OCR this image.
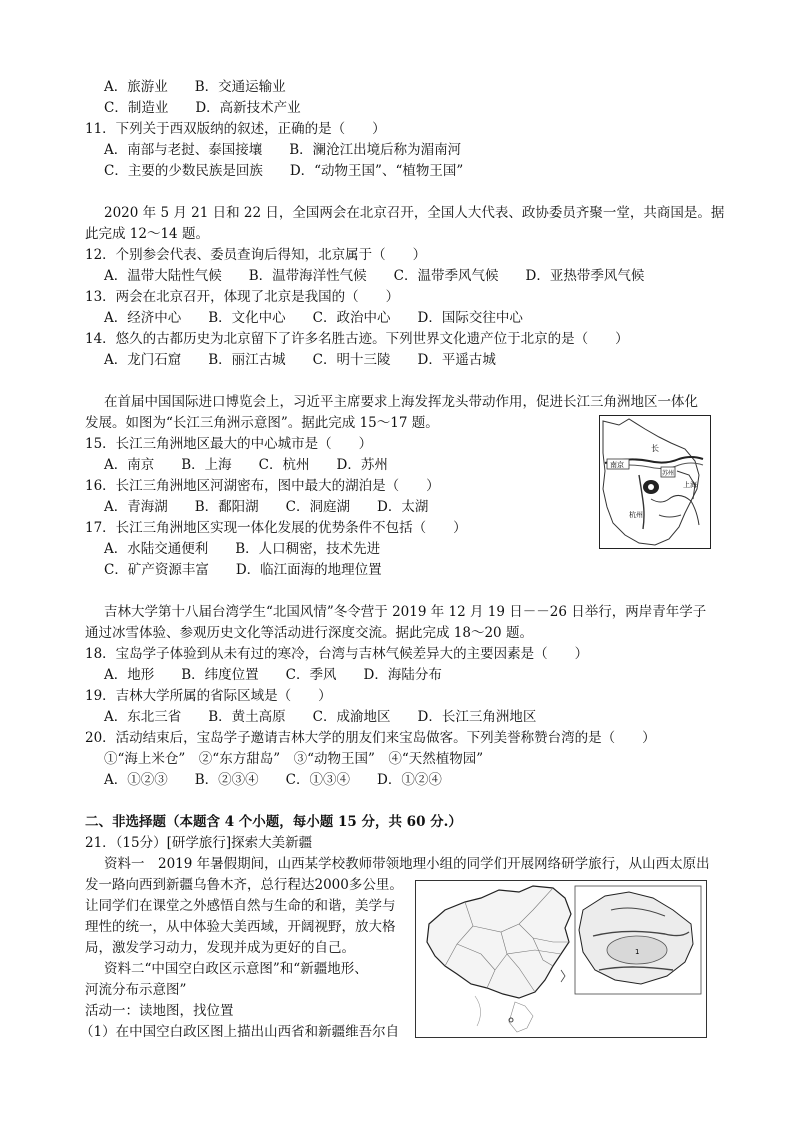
A．旅游业　　B．交通运输业
C．制造业　　D．高新技术产业
11．下列关于西双版纳的叙述，正确的是（　　）
A．南部与老挝、泰国接壤　　B．澜沧江出境后称为湄南河
C．主要的少数民族是回族　　D．“动物王国”、“植物王国”
2020 年 5 月 21 日和 22 日，全国两会在北京召开，全国人大代表、政协委员齐聚一堂，共商国是。据
此完成 12～14 题。
12．个别参会代表、委员查询后得知，北京属于（　　）
A．温带大陆性气候　　B．温带海洋性气候　　C．温带季风气候　　D．亚热带季风气候
13．两会在北京召开，体现了北京是我国的（　　）
A．经济中心　　B．文化中心　　C．政治中心　　D．国际交往中心
14．悠久的古都历史为北京留下了许多名胜古迹。下列世界文化遗产位于北京的是（　　）
A．龙门石窟　　B．丽江古城　　C．明十三陵　　D．平遥古城
在首届中国国际进口博览会上，习近平主席要求上海发挥龙头带动作用，促进长江三角洲地区一体化
发展。如图为“长江三角洲示意图”。据此完成 15～17 题。
15．长江三角洲地区最大的中心城市是（　　）
A．南京　　B．上海　　C．杭州　　D．苏州
16．长江三角洲地区河湖密布，图中最大的湖泊是（　　）
A．青海湖　　B．鄱阳湖　　C．洞庭湖　　D．太湖
17．长江三角洲地区实现一体化发展的优势条件不包括（　　）
A．水陆交通便利　　B．人口稠密，技术先进
C．矿产资源丰富　　D．临江面海的地理位置
吉林大学第十八届台湾学生“北国风情”冬令营于 2019 年 12 月 19 日－－26 日举行，两岸青年学子
通过冰雪体验、参观历史文化等活动进行深度交流。据此完成 18～20 题。
18．宝岛学子体验到从未有过的寒冷，台湾与吉林气候差异大的主要因素是（　　）
A．地形　　B．纬度位置　　C．季风　　D．海陆分布
19．吉林大学所属的省际区域是（　　）
A．东北三省　　B．黄土高原　　C．成渝地区　　D．长江三角洲地区
20．活动结束后，宝岛学子邀请吉林大学的朋友们来宝岛做客。下列美誉称赞台湾的是（　　）
①“海上米仓”　②“东方甜岛”　③“动物王国”　④“天然植物园”
A．①②③　　B．②③④　　C．①③④　　D．①②④
二、非选择题（本题含 4 个小题，每小题 15 分，共 60 分.）
21．（15分）[研学旅行]探索大美新疆
资料一　2019 年暑假期间，山西某学校教师带领地理小组的同学们开展网络研学旅行，从山西太原出
发一路向西到新疆乌鲁木齐，总行程达2000多公里。
让同学们在课堂之外感悟自然与生命的和谐，美学与
理性的统一，从中体验大美西域，开阔视野，放大格
局，激发学习动力，发现并成为更好的自己。
资料二“中国空白政区示意图”和“新疆地形、
河流分布示意图”
活动一：读地图，找位置
（1）在中国空白政区图上描出山西省和新疆维吾尔自
南京
苏州
长
上海
杭州
1
